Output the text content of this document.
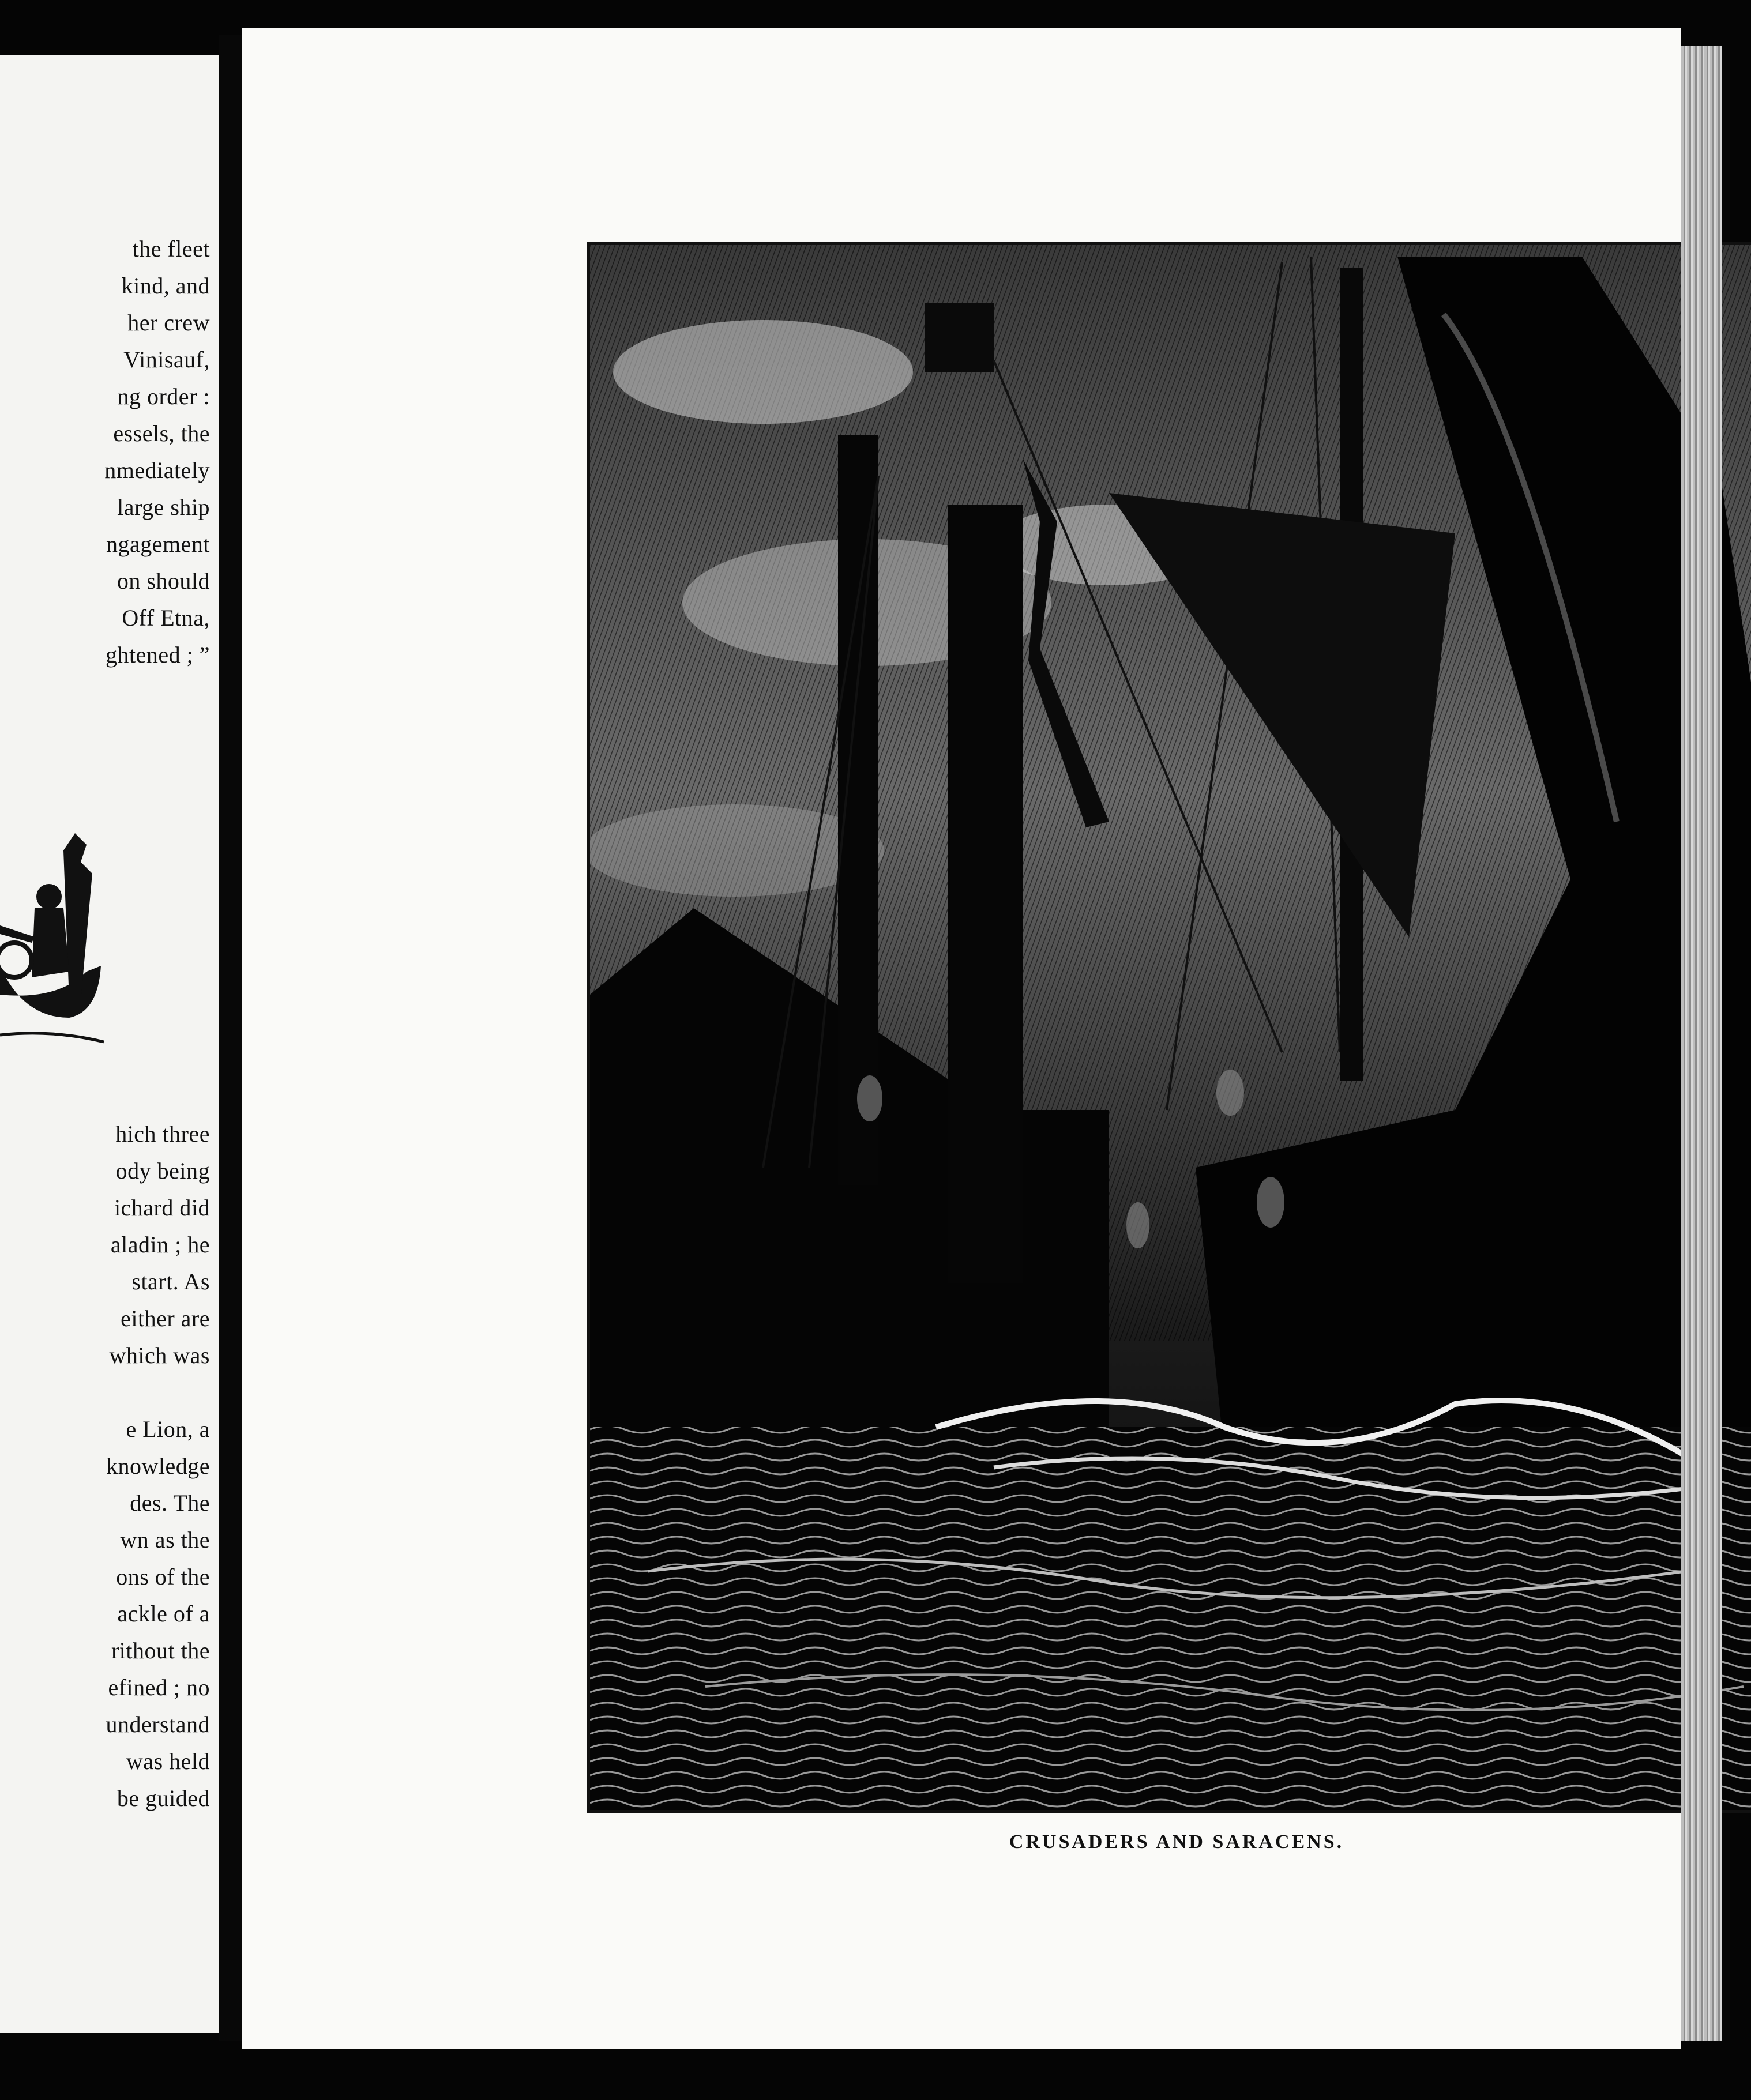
the fleet
kind, and
her crew
Vinisauf,
ng order :
essels, the
nmediately
large ship
ngagement
on should
Off Etna,
ghtened ; ”
hich three
ody being
ichard did
aladin ; he
start. As
either are
which was

e Lion, a
knowledge
des. The
wn as the
ons of the
ackle of a
rithout the
efined ; no
understand
was held
be guided
CRUSADERS AND SARACENS.
